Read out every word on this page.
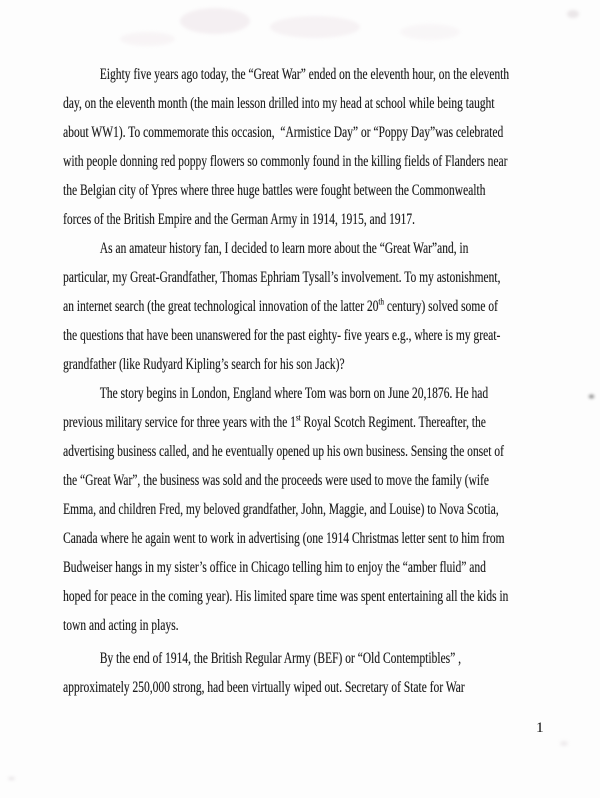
Eighty five years ago today, the “Great War” ended on the eleventh hour, on the eleventh
day, on the eleventh month (the main lesson drilled into my head at school while being taught
about WW1). To commemorate this occasion,  “Armistice Day” or “Poppy Day”was celebrated
with people donning red poppy flowers so commonly found in the killing fields of Flanders near
the Belgian city of Ypres where three huge battles were fought between the Commonwealth
forces of the British Empire and the German Army in 1914, 1915, and 1917.
As an amateur history fan, I decided to learn more about the “Great War”and, in
particular, my Great-Grandfather, Thomas Ephriam Tysall’s involvement. To my astonishment,
an internet search (the great technological innovation of the latter 20th century) solved some of
the questions that have been unanswered for the past eighty- five years e.g., where is my great-
grandfather (like Rudyard Kipling’s search for his son Jack)?
The story begins in London, England where Tom was born on June 20,1876. He had
previous military service for three years with the 1st Royal Scotch Regiment. Thereafter, the
advertising business called, and he eventually opened up his own business. Sensing the onset of
the “Great War”, the business was sold and the proceeds were used to move the family (wife
Emma, and children Fred, my beloved grandfather, John, Maggie, and Louise) to Nova Scotia,
Canada where he again went to work in advertising (one 1914 Christmas letter sent to him from
Budweiser hangs in my sister’s office in Chicago telling him to enjoy the “amber fluid” and
hoped for peace in the coming year). His limited spare time was spent entertaining all the kids in
town and acting in plays.
By the end of 1914, the British Regular Army (BEF) or “Old Contemptibles” ,
approximately 250,000 strong, had been virtually wiped out. Secretary of State for War
1
